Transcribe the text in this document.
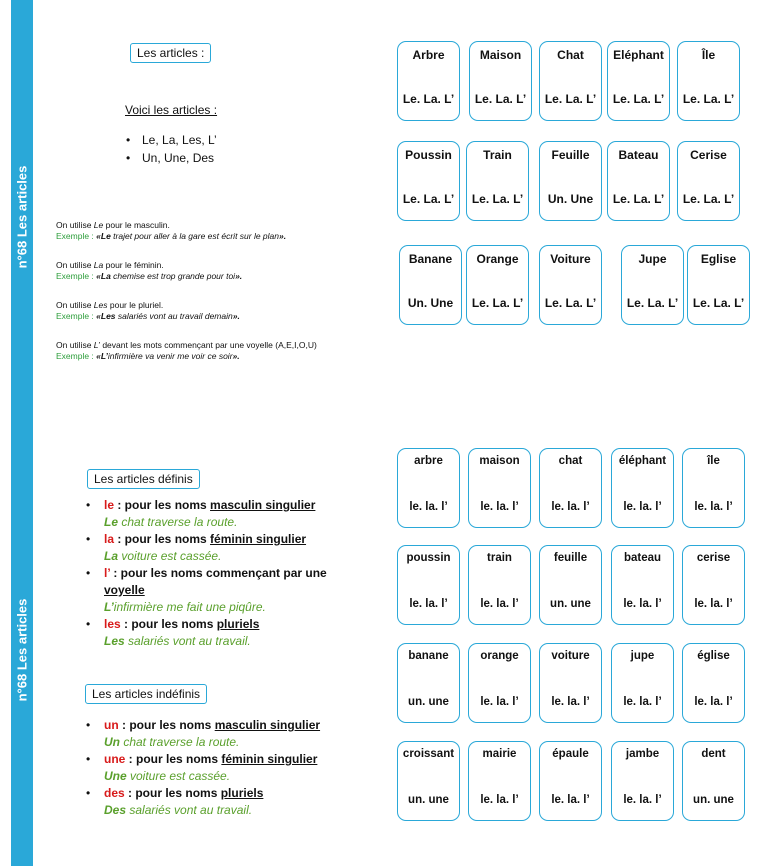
n°68 Les articles
n°68 Les articles
Les articles :
Voici les articles :
• Le, La, Les, L’
• Un, Une, Des

On utilise Le pour le masculin.
Exemple : «Le trajet pour aller à la gare est écrit sur le plan».

On utilise La pour le féminin.
Exemple : «La chemise est trop grande pour toi».

On utilise Les pour le pluriel.
Exemple : «Les salariés vont au travail demain».

On utilise L’ devant les mots commençant par une voyelle (A,E,I,O,U)
Exemple : «L’infirmière va venir me voir ce soir».

Arbre
Le. La. L’
Maison
Le. La. L’
Chat
Le. La. L’
Eléphant
Le. La. L’
Île
Le. La. L’
Poussin
Le. La. L’
Train
Le. La. L’
Feuille
Un. Une
Bateau
Le. La. L’
Cerise
Le. La. L’
Banane
Un. Une
Orange
Le. La. L’
Voiture
Le. La. L’
Jupe
Le. La. L’
Eglise
Le. La. L’
Les articles définis
• le : pour les noms masculin singulier
Le chat traverse la route.
• la : pour les noms féminin singulier
La voiture est cassée.
• l’ : pour les noms commençant par une
voyelle
L’infirmière me fait une piqûre.
• les : pour les noms pluriels
Les salariés vont au travail.
Les articles indéfinis
• un : pour les noms masculin singulier
Un chat traverse la route.
• une : pour les noms féminin singulier
Une voiture est cassée.
• des : pour les noms pluriels
Des salariés vont au travail.
arbre
le. la. l’
maison
le. la. l’
chat
le. la. l’
éléphant
le. la. l’
île
le. la. l’
poussin
le. la. l’
train
le. la. l’
feuille
un. une
bateau
le. la. l’
cerise
le. la. l’
banane
un. une
orange
le. la. l’
voiture
le. la. l’
jupe
le. la. l’
église
le. la. l’
croissant
un. une
mairie
le. la. l’
épaule
le. la. l’
jambe
le. la. l’
dent
un. une
